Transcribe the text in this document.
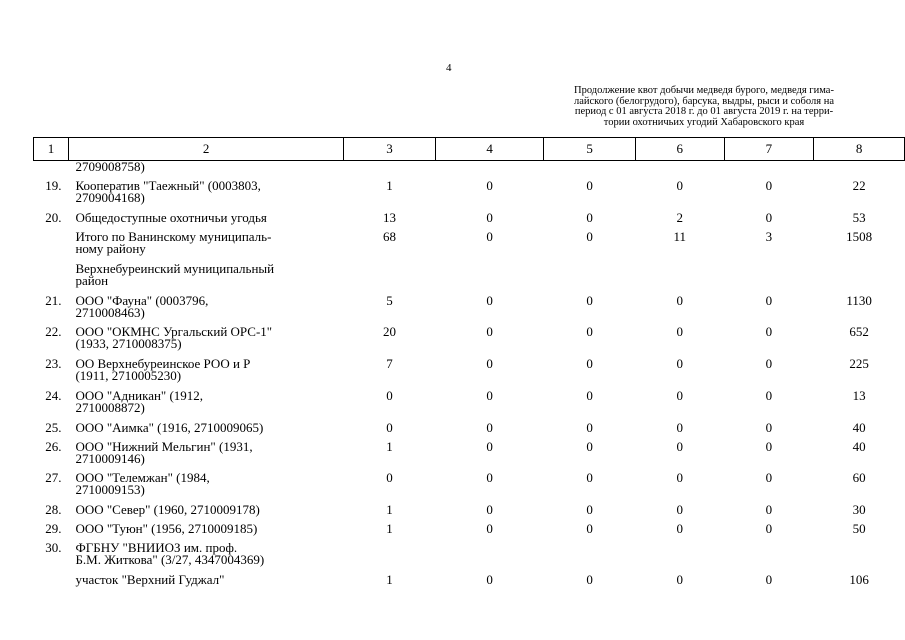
4
Продолжение квот добычи медведя бурого, медведя гима-
лайского (белогрудого), барсука, выдры, рыси и соболя на
период с 01 августа 2018 г. до 01 августа 2019 г. на терри-
тории охотничьих угодий Хабаровского края
1	2	3	4	5	6	7	8

	2709008758)						

19.	Кооператив "Таежный" (0003803,
2709004168)	1	0	0	0	0	22
20.	Общедоступные охотничьи угодья	13	0	0	2	0	53

	Итого по Ванинскому муниципаль-
ному району	68	0	0	11	3	1508

	Верхнебуреинский муниципальный
район						

21.	ООО "Фауна" (0003796,
2710008463)	5	0	0	0	0	1130
22.	ООО "ОКМНС Ургальский ОРС-1"
(1933, 2710008375)	20	0	0	0	0	652
23.	ОО Верхнебуреинское РОО и Р
(1911, 2710005230)	7	0	0	0	0	225
24.	ООО "Адникан" (1912,
2710008872)	0	0	0	0	0	13
25.	ООО "Аимка" (1916, 2710009065)	0	0	0	0	0	40
26.	ООО "Нижний Мельгин" (1931,
2710009146)	1	0	0	0	0	40
27.	ООО "Телемжан" (1984,
2710009153)	0	0	0	0	0	60
28.	ООО "Север" (1960, 2710009178)	1	0	0	0	0	30
29.	ООО "Туюн" (1956, 2710009185)	1	0	0	0	0	50
30.	ФГБНУ "ВНИИОЗ им. проф.
Б.М. Житкова" (3/27, 4347004369)						

	участок "Верхний Гуджал"	1	0	0	0	0	106
